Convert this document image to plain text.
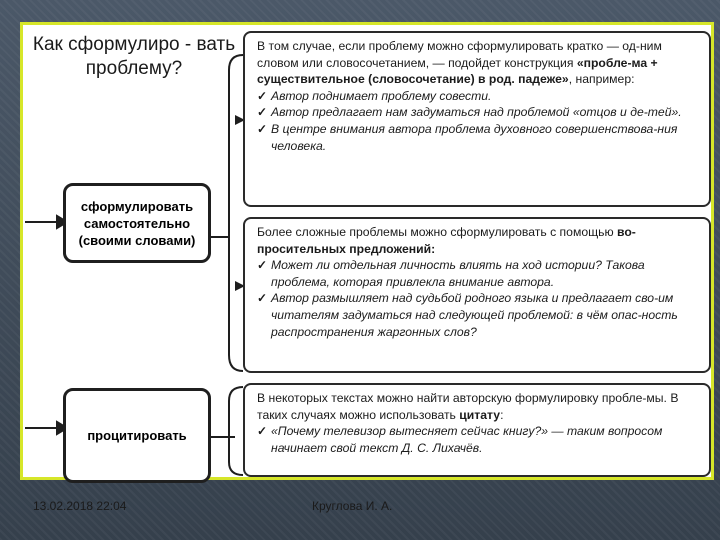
Как сформулиро - вать проблему?
сформулировать самостоятельно (своими словами)
процитировать
В том случае, если проблему можно сформулировать кратко — од-ним словом или словосочетанием, — подойдет конструкция «пробле-ма + существительное (словосочетание) в род. падеже», например:
✓ Автор поднимает проблему совести.
✓ Автор предлагает нам задуматься над проблемой «отцов и де-тей».
✓ В центре внимания автора проблема духовного совершенствова-ния человека.
Более сложные проблемы можно сформулировать с помощью во-просительных предложений:
✓ Может ли отдельная личность влиять на ход истории? Такова проблема, которая привлекла внимание автора.
✓ Автор размышляет над судьбой родного языка и предлагает сво-им читателям задуматься над следующей проблемой: в чём опас-ность распространения жаргонных слов?
В некоторых текстах можно найти авторскую формулировку пробле-мы. В таких случаях можно использовать цитату:
✓ «Почему телевизор вытесняет сейчас книгу?» — таким вопросом начинает свой текст Д. С. Лихачёв.
13.02.2018 22:04	Круглова И. А.
